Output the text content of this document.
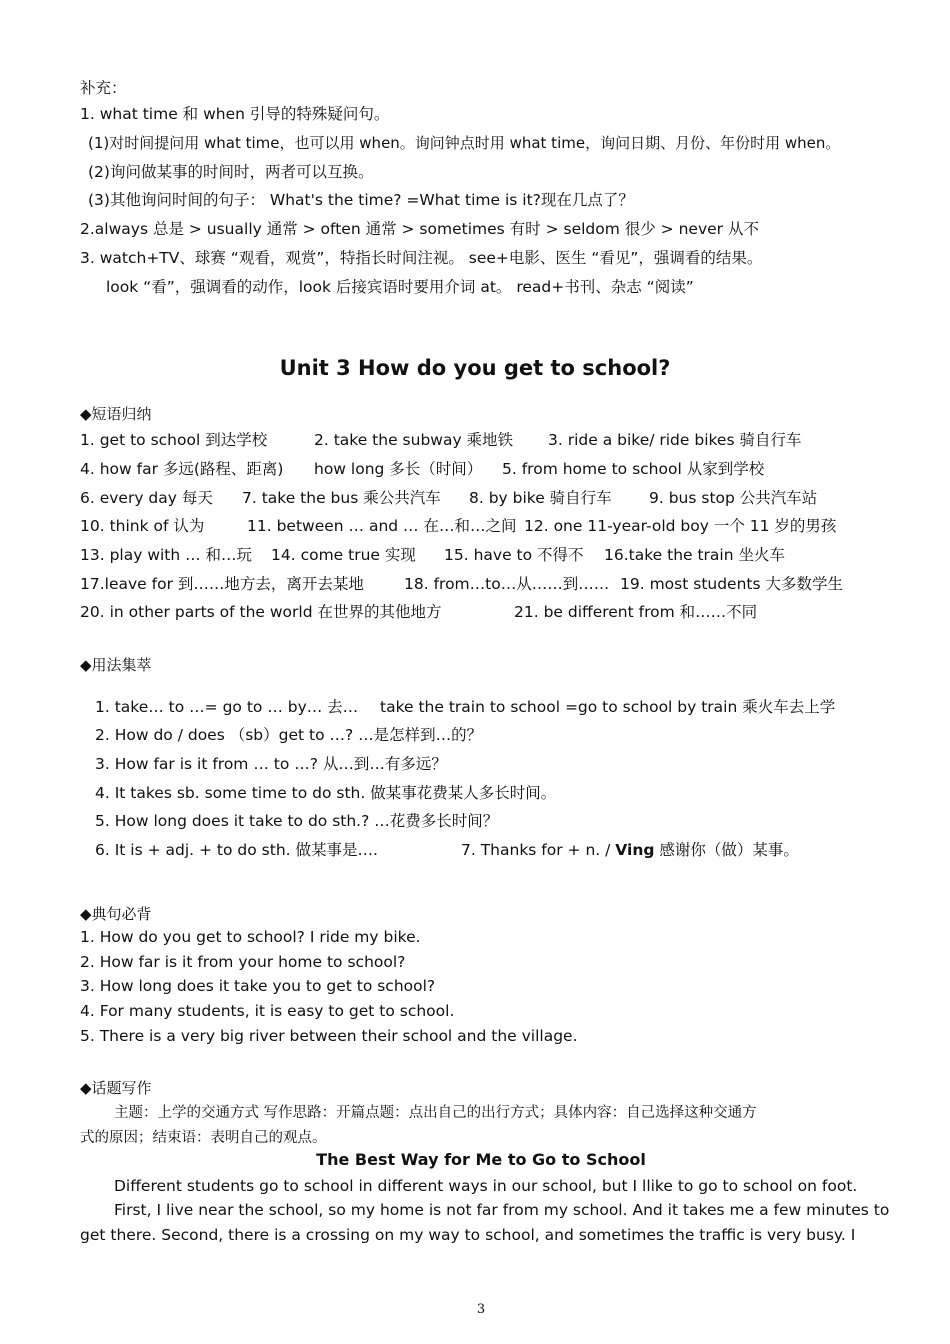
补充：
1. what time 和 when 引导的特殊疑问句。
(1)对时间提问用 what time，也可以用 when。询问钟点时用 what time，询问日期、月份、年份时用 when。
(2)询问做某事的时间时，两者可以互换。
(3)其他询问时间的句子： What's the time? =What time is it?现在几点了？
2.always 总是 > usually 通常 > often 通常 > sometimes 有时 > seldom 很少 > never 从不
3. watch+TV、球赛 “观看，观赏”，特指长时间注视。 see+电影、医生 “看见”，强调看的结果。
look “看”，强调看的动作，look 后接宾语时要用介词 at。 read+书刊、杂志 “阅读”
Unit 3 How do you get to school?
◆短语归纳
1. get to school 到达学校	2. take the subway 乘地铁 3. ride a bike/ ride bikes 骑自行车
4. how far 多远(路程、距离) how long 多长（时间） 5. from home to school 从家到学校
6. every day 每天 7. take the bus 乘公共汽车 8. by bike 骑自行车 9. bus stop 公共汽车站
10. think of 认为	11. between … and … 在…和…之间 12. one 11-year-old boy 一个 11 岁的男孩
13. play with … 和…玩 14. come true 实现 15. have to 不得不 16.take the train 坐火车
17.leave for 到……地方去，离开去某地	18. from…to…从……到…… 19. most students 大多数学生
20. in other parts of the world 在世界的其他地方	21. be different from 和……不同
◆用法集萃
1. take… to …= go to … by… 去… take the train to school =go to school by train 乘火车去上学
2. How do / does （sb）get to …? …是怎样到…的？
3. How far is it from … to …? 从…到…有多远？
4. It takes sb. some time to do sth. 做某事花费某人多长时间。
5. How long does it take to do sth.? …花费多长时间？
6. It is + adj. + to do sth. 做某事是….	7. Thanks for + n. / Ving 感谢你（做）某事。
◆典句必背
1. How do you get to school? I ride my bike.
2. How far is it from your home to school?
3. How long does it take you to get to school?
4. For many students, it is easy to get to school.
5. There is a very big river between their school and the village.
◆话题写作
主题：上学的交通方式 写作思路：开篇点题：点出自己的出行方式；具体内容：自己选择这种交通方
式的原因；结束语：表明自己的观点。
The Best Way for Me to Go to School
Different students go to school in different ways in our school, but I llike to go to school on foot.
First, I live near the school, so my home is not far from my school. And it takes me a few minutes to
get there. Second, there is a crossing on my way to school, and sometimes the traffic is very busy. I
3
